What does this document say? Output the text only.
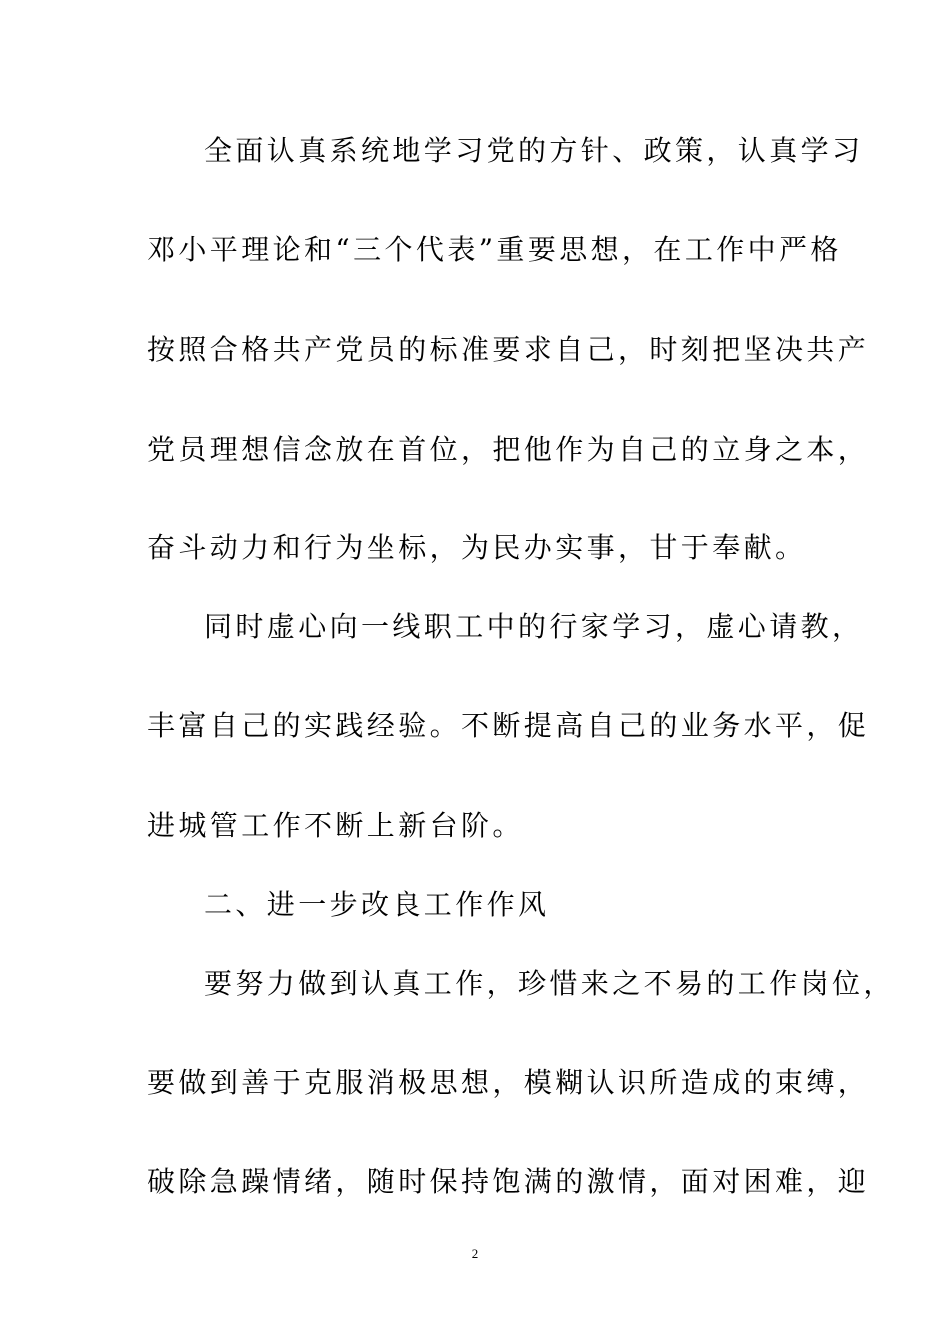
全面认真系统地学习党的方针、政策，认真学习
邓小平理论和“三个代表”重要思想，在工作中严格
按照合格共产党员的标准要求自己，时刻把坚决共产
党员理想信念放在首位，把他作为自己的立身之本，
奋斗动力和行为坐标，为民办实事，甘于奉献。
同时虚心向一线职工中的行家学习，虚心请教，
丰富自己的实践经验。不断提高自己的业务水平，促
进城管工作不断上新台阶。
二、进一步改良工作作风
要努力做到认真工作，珍惜来之不易的工作岗位，
要做到善于克服消极思想，模糊认识所造成的束缚，
破除急躁情绪，随时保持饱满的激情，面对困难，迎
2
